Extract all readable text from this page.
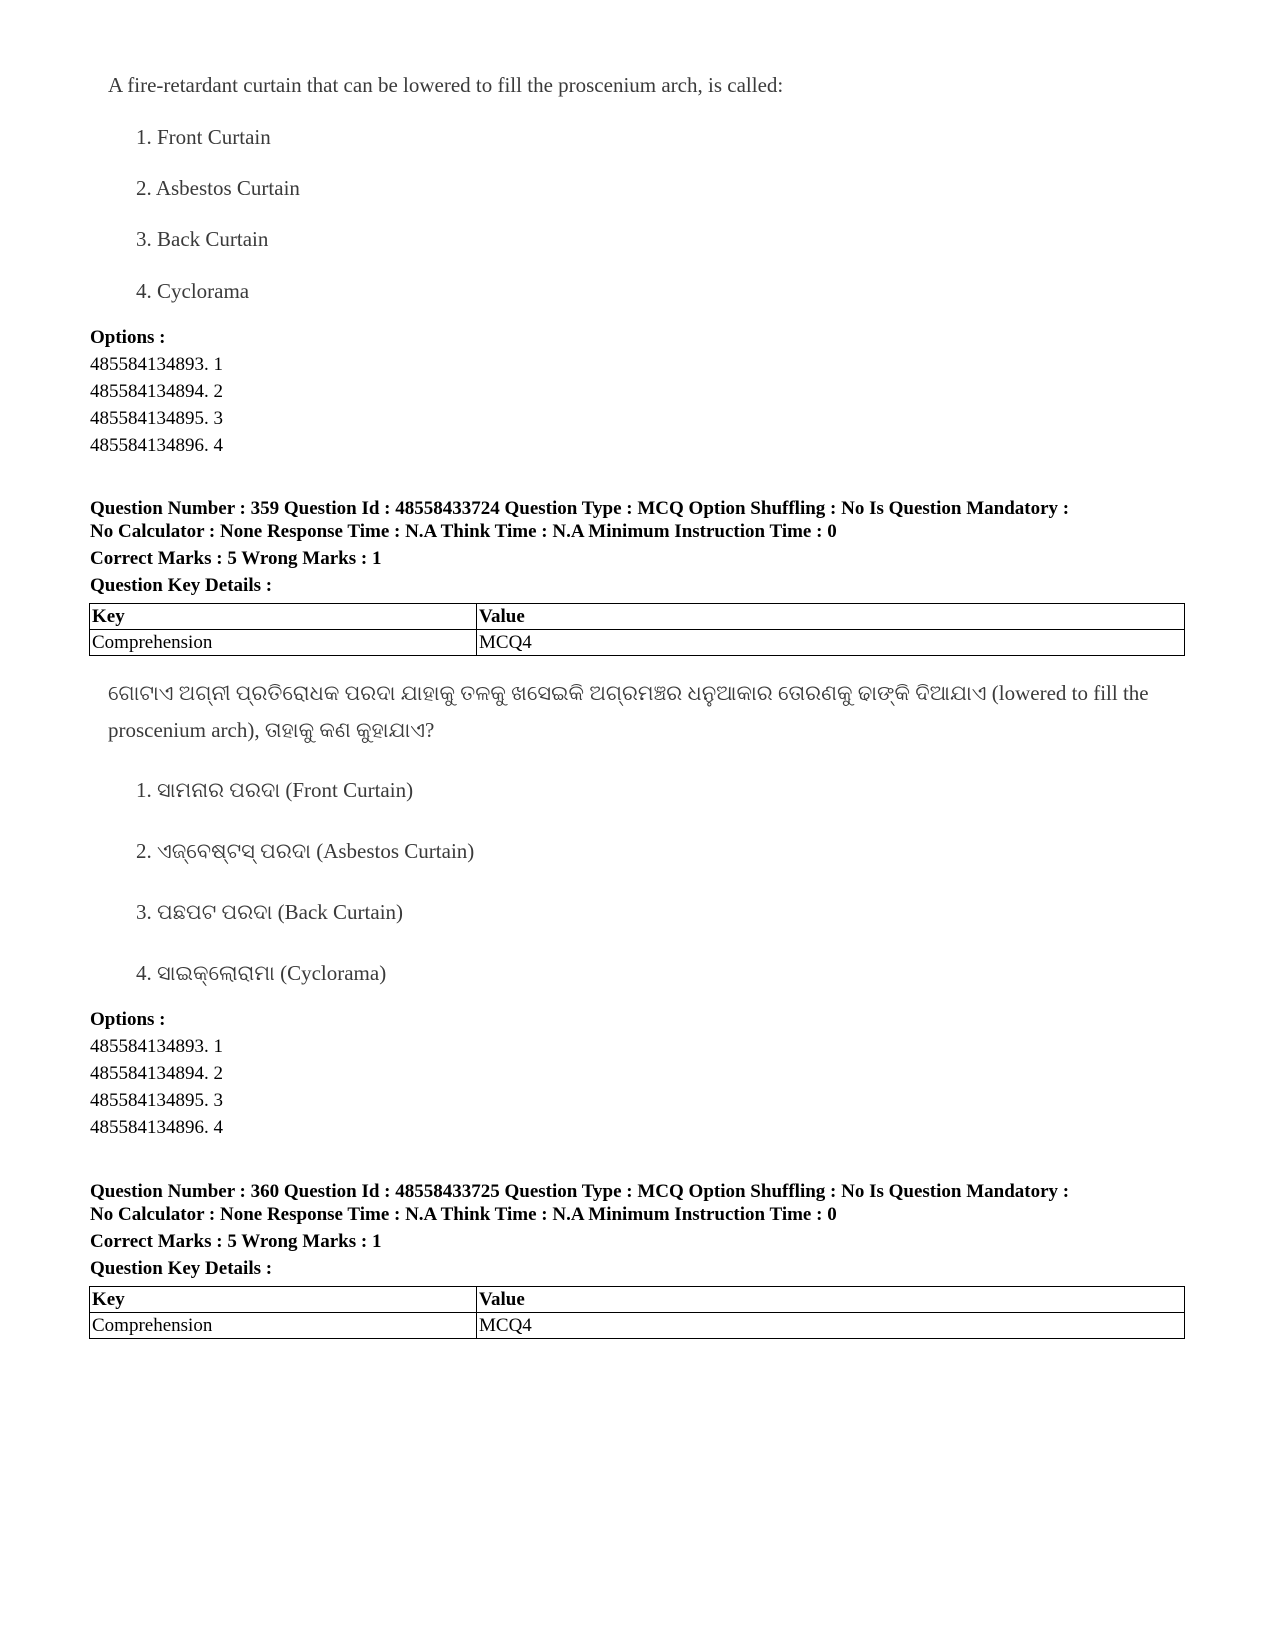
A fire-retardant curtain that can be lowered to fill the proscenium arch, is called:
1. Front Curtain
2. Asbestos Curtain
3. Back Curtain
4. Cyclorama
Options :
485584134893. 1
485584134894. 2
485584134895. 3
485584134896. 4
Question Number : 359 Question Id : 48558433724 Question Type : MCQ Option Shuffling : No Is Question Mandatory :
No Calculator : None Response Time : N.A Think Time : N.A Minimum Instruction Time : 0
Correct Marks : 5 Wrong Marks : 1
Question Key Details :
Key	Value
Comprehension	MCQ4
ଗୋଟାଏ ଅଗ୍ନୀ ପ୍ରତିରୋଧକ ପରଦା ଯାହାକୁ ତଳକୁ ଖସେଇକି ଅଗ୍ରମଞ୍ଚର ଧନୁଆକାର ତୋରଣକୁ ଢାଙ୍କି ଦିଆଯାଏ (lowered to fill the
proscenium arch), ତାହାକୁ କଣ କୁହାଯାଏ?
1. ସାମନାର ପରଦା (Front Curtain)
2. ଏଜ୍ବେଷ୍ଟସ୍ ପରଦା (Asbestos Curtain)
3. ପଛପଟ ପରଦା (Back Curtain)
4. ସାଇକ୍ଲୋରାମା (Cyclorama)
Options :
485584134893. 1
485584134894. 2
485584134895. 3
485584134896. 4
Question Number : 360 Question Id : 48558433725 Question Type : MCQ Option Shuffling : No Is Question Mandatory :
No Calculator : None Response Time : N.A Think Time : N.A Minimum Instruction Time : 0
Correct Marks : 5 Wrong Marks : 1
Question Key Details :
Key	Value
Comprehension	MCQ4
